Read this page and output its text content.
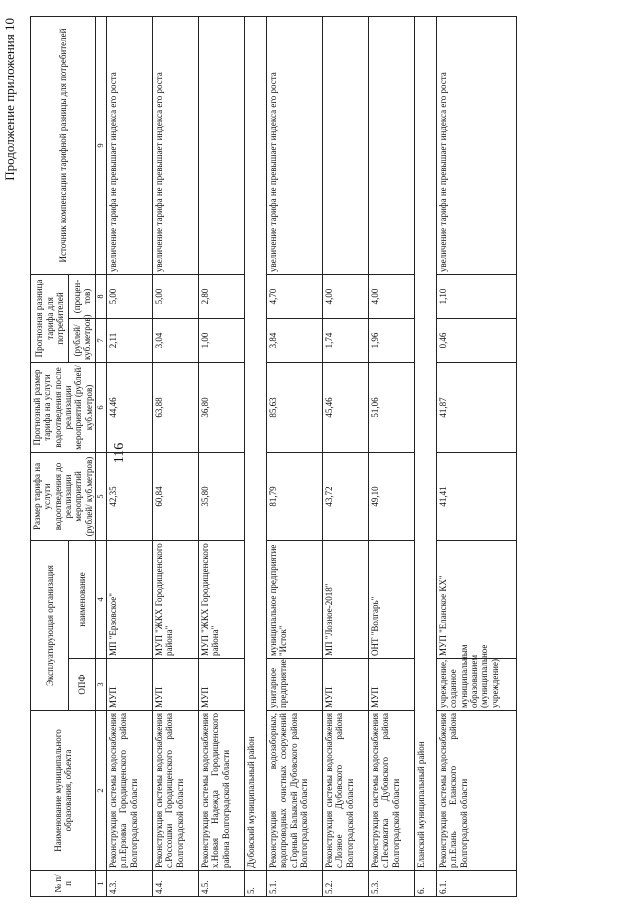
116
Продолжение приложения 10
№ п/п	Наименование муниципального образования, объекта	Эксплуатирующая организация		Размер тарифа на услуги водоотведения до реализации мероприятий (рублей/ куб.метров)	Прогнозный размер тарифа на услуги водоотведения после реализации мероприятий (рублей/ куб.метров)	Прогнозная разница тарифа для потребителей		Источник компенсации тарифной разницы для потребителей
		ОПФ	наименование			(рублей/ куб.метров)	(процен- тов)	
1	2	3	4	5	6	7	8	9
4.3.	Реконструкция системы водоснабжения р.п.Ерзовка Городищенского района Волгоградской области	МУП	МП "Ерзовское"	42,35	44,46	2,11	5,00	увеличение тарифа не превышает индекса его роста
4.4.	Реконструкция системы водоснабжения с.Россошки Городищенского района Волгоградской области	МУП	МУП "ЖКХ Городищенского района"	60,84	63,88	3,04	5,00	увеличение тарифа не превышает индекса его роста
4.5.	Реконструкция системы водоснабжения х.Новая Надежда Городищенского района Волгоградской области	МУП	МУП "ЖКХ Городищенского района"	35,80	36,80	1,00	2,80	
5.	Дубовский муниципальный район							
5.1.	Реконструкция водозаборных, водопроводных очистных сооружений с.Горный Балыклей Дубовского района Волгоградской области	унитарное предприятие	муниципальное предприятие "Исток"	81,79	85,63	3,84	4,70	увеличение тарифа не превышает индекса его роста
5.2.	Реконструкция системы водоснабжения с.Лозное Дубовского района Волгоградской области	МУП	МП "Лозное-2018"	43,72	45,46	1,74	4,00	
5.3.	Реконструкция системы водоснабжения с.Песковатка Дубовского района Волгоградской области	МУП	ОНТ "Волгарь"	49,10	51,06	1,96	4,00	
6.	Еланский муниципальный район							
6.1.	Реконструкция системы водоснабжения р.п.Елань Еланского района Волгоградской области	учреждение, созданное муниципальным образованием (муниципальное учреждение)	МУП "Еланское КХ"	41,41	41,87	0,46	1,10	увеличение тарифа не превышает индекса его роста
